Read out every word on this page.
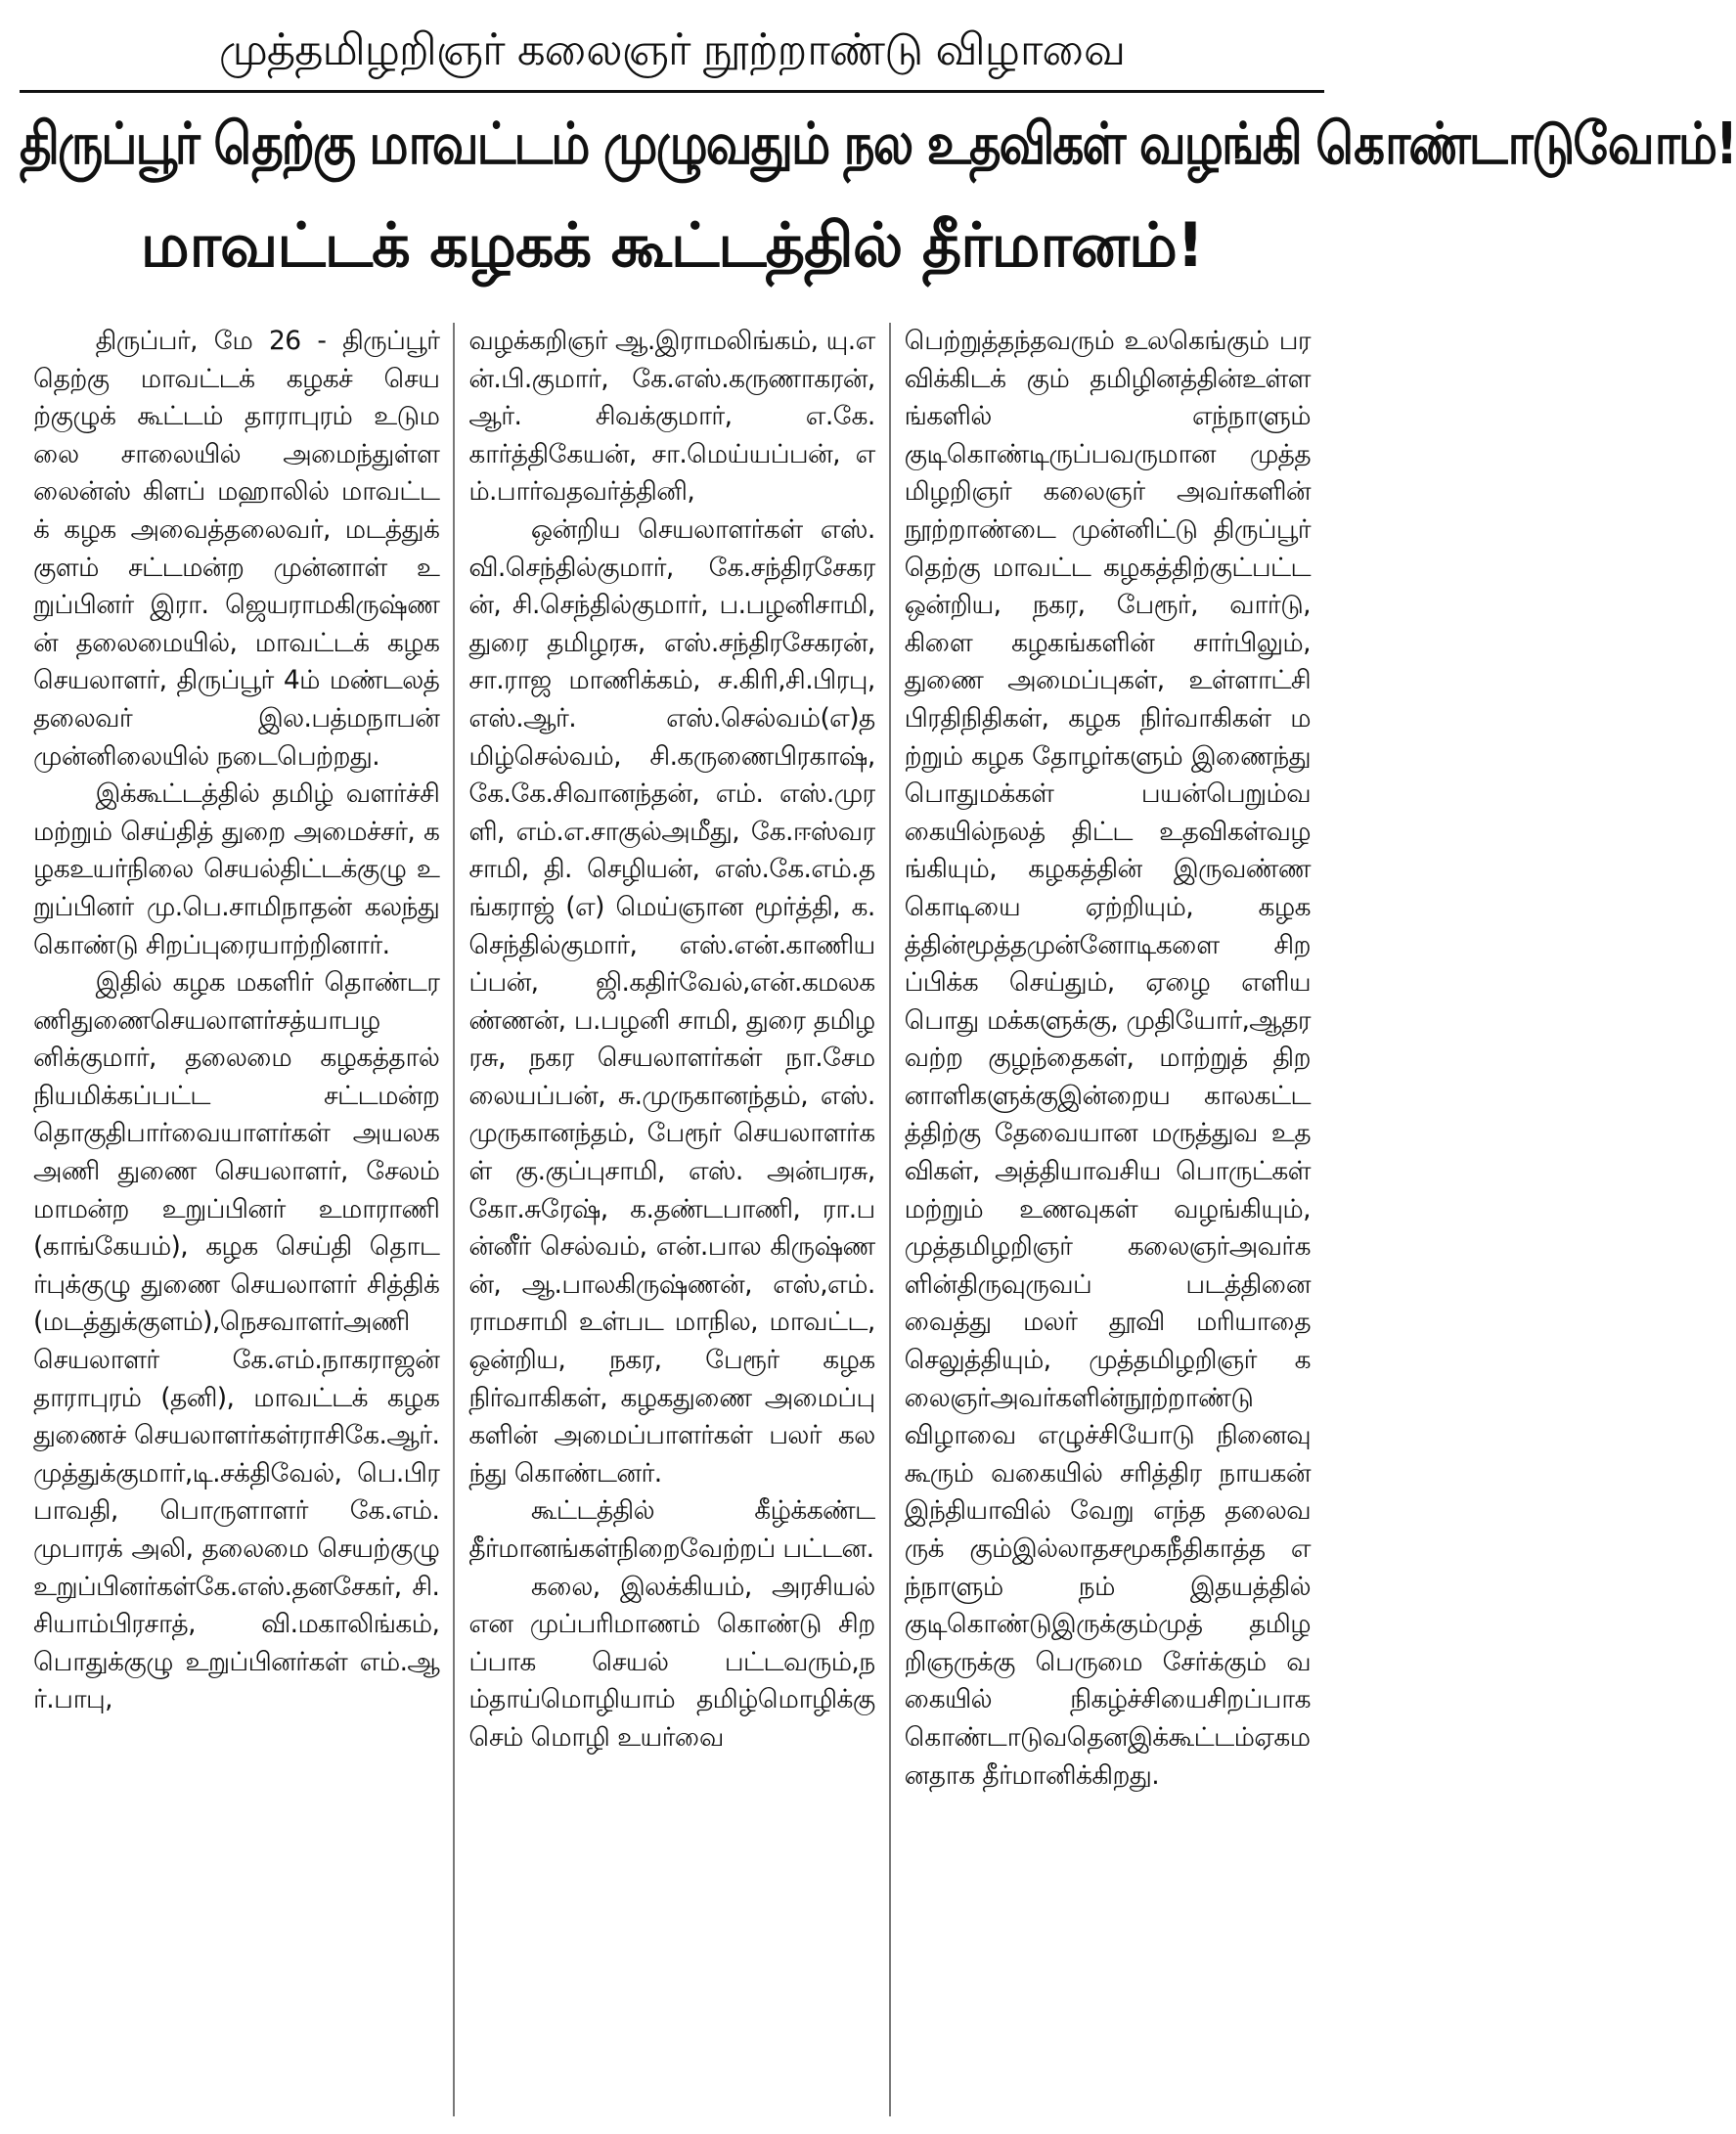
முத்தமிழறிஞர் கலைஞர் நூற்றாண்டு விழாவை
திருப்பூர் தெற்கு மாவட்டம் முழுவதும் நல உதவிகள் வழங்கி கொண்டாடுவோம்!
மாவட்டக் கழகக் கூட்டத்தில் தீர்மானம்!

திருப்பர், மே 26 - திருப்பூர் தெற்கு மாவட்டக் கழகச் செயற்குழுக் கூட்டம் தாராபுரம் உடுமலை சாலையில் அமைந்துள்ள லைன்ஸ் கிளப் மஹாலில் மாவட்டக் கழக அவைத்தலைவர், மடத்துக் குளம் சட்டமன்ற முன்னாள் உறுப்பினர் இரா. ஜெயராமகிருஷ்ணன் தலைமையில், மாவட்டக் கழக செயலாளர், திருப்பூர் 4ம் மண்டலத் தலைவர் இல.பத்மநாபன் முன்னிலையில் நடைபெற்றது.

இக்கூட்டத்தில் தமிழ் வளர்ச்சி மற்றும் செய்தித் துறை அமைச்சர், கழகஉயர்நிலை செயல்திட்டக்குழு உறுப்பினர் மு.பெ.சாமிநாதன் கலந்து கொண்டு சிறப்புரையாற்றினார்.

இதில் கழக மகளிர் தொண்டரணிதுணைசெயலாளர்சத்யாபழனிக்குமார், தலைமை கழகத்தால் நியமிக்கப்பட்ட சட்டமன்ற தொகுதிபார்வையாளர்கள் அயலக அணி துணை செயலாளர், சேலம் மாமன்ற உறுப்பினர் உமாராணி (காங்கேயம்), கழக செய்தி தொடர்புக்குழு துணை செயலாளர் சித்திக் (மடத்துக்குளம்),நெசவாளர்அணி செயலாளர் கே.எம்.நாகராஜன் தாராபுரம் (தனி), மாவட்டக் கழக துணைச் செயலாளர்கள்ராசிகே.ஆர். முத்துக்குமார்,டி.சக்திவேல், பெ.பிரபாவதி, பொருளாளர் கே.எம்.முபாரக் அலி, தலைமை செயற்குழு உறுப்பினர்கள்கே.எஸ்.தனசேகர், சி.சியாம்பிரசாத், வி.மகாலிங்கம், பொதுக்குழு உறுப்பினர்கள் எம்.ஆர்.பாபு,

வழக்கறிஞர் ஆ.இராமலிங்கம், யு.என்.பி.குமார், கே.எஸ்.கருணாகரன், ஆர். சிவக்குமார், எ.கே.கார்த்திகேயன், சா.மெய்யப்பன், எம்.பார்வதவர்த்தினி,

ஒன்றிய செயலாளர்கள் எஸ்.வி.செந்தில்குமார், கே.சந்திரசேகரன், சி.செந்தில்குமார், ப.பழனிசாமி, துரை தமிழரசு, எஸ்.சந்திரசேகரன், சா.ராஜ மாணிக்கம், ச.கிரி,சி.பிரபு,எஸ்.ஆர். எஸ்.செல்வம்(எ)தமிழ்செல்வம், சி.கருணைபிரகாஷ், கே.கே.சிவானந்தன், எம். எஸ்.முரளி, எம்.எ.சாகுல்அமீது, கே.ஈஸ்வரசாமி, தி. செழியன், எஸ்.கே.எம்.தங்கராஜ் (எ) மெய்ஞான மூர்த்தி, க.செந்தில்குமார், எஸ்.என்.காணியப்பன், ஜி.கதிர்வேல்,என்.கமலகண்ணன், ப.பழனி சாமி, துரை தமிழரசு, நகர செயலாளர்கள் நா.சேமலையப்பன், சு.முருகானந்தம், எஸ்.முருகானந்தம், பேரூர் செயலாளர்கள் கு.குப்புசாமி, எஸ். அன்பரசு, கோ.சுரேஷ், க.தண்டபாணி, ரா.பன்னீர் செல்வம், என்.பால கிருஷ்ணன், ஆ.பாலகிருஷ்ணன், எஸ்,எம்.ராமசாமி உள்பட மாநில, மாவட்ட, ஒன்றிய, நகர, பேரூர் கழக நிர்வாகிகள், கழகதுணை அமைப்பு களின் அமைப்பாளர்கள் பலர் கலந்து கொண்டனர்.

கூட்டத்தில் கீழ்க்கண்ட தீர்மானங்கள்நிறைவேற்றப் பட்டன.

கலை, இலக்கியம், அரசியல் என முப்பரிமாணம் கொண்டு சிறப்பாக செயல் பட்டவரும்,நம்தாய்மொழியாம் தமிழ்மொழிக்கு செம் மொழி உயர்வை

பெற்றுத்தந்தவரும் உலகெங்கும் பரவிக்கிடக் கும் தமிழினத்தின்உள்ளங்களில் எந்நாளும் குடிகொண்டிருப்பவருமான முத்தமிழறிஞர் கலைஞர் அவர்களின் நூற்றாண்டை முன்னிட்டு திருப்பூர் தெற்கு மாவட்ட கழகத்திற்குட்பட்ட ஒன்றிய, நகர, பேரூர், வார்டு, கிளை கழகங்களின் சார்பிலும், துணை அமைப்புகள், உள்ளாட்சி பிரதிநிதிகள், கழக நிர்வாகிகள் மற்றும் கழக தோழர்களும் இணைந்து பொதுமக்கள் பயன்பெறும்வகையில்நலத் திட்ட உதவிகள்வழங்கியும், கழகத்தின் இருவண்ண கொடியை ஏற்றியும், கழகத்தின்மூத்தமுன்னோடிகளை சிறப்பிக்க செய்தும், ஏழை எளிய பொது மக்களுக்கு, முதியோர்,ஆதரவற்ற குழந்தைகள், மாற்றுத் திறனாளிகளுக்குஇன்றைய காலகட்டத்திற்கு தேவையான மருத்துவ உதவிகள், அத்தியாவசிய பொருட்கள் மற்றும் உணவுகள் வழங்கியும், முத்தமிழறிஞர் கலைஞர்அவர்களின்திருவுருவப் படத்தினை வைத்து மலர் தூவி மரியாதை செலுத்தியும், முத்தமிழறிஞர் கலைஞர்அவர்களின்நூற்றாண்டு விழாவை எழுச்சியோடு நினைவு கூரும் வகையில் சரித்திர நாயகன் இந்தியாவில் வேறு எந்த தலைவருக் கும்இல்லாதசமூகநீதிகாத்த எந்நாளும் நம் இதயத்தில் குடிகொண்டுஇருக்கும்முத் தமிழறிஞருக்கு பெருமை சேர்க்கும் வகையில் நிகழ்ச்சியைசிறப்பாக கொண்டாடுவதெனஇக்கூட்டம்ஏகமனதாக தீர்மானிக்கிறது.
